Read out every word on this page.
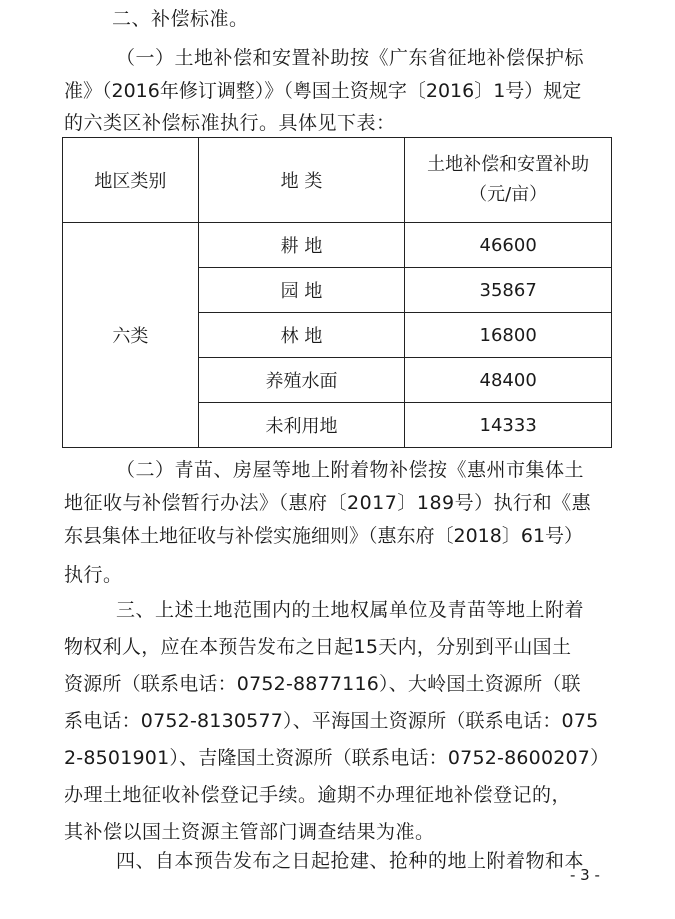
二、补偿标准。
（一）土地补偿和安置补助按《广东省征地补偿保护标
准》（2016年修订调整）》（粤国土资规字〔2016〕1号）规定
的六类区补偿标准执行。具体见下表：
地区类别	地 类	土地补偿和安置补助
（元/亩）

六类	耕 地	46600
	园 地	35867
	林 地	16800
	养殖水面	48400
	未利用地	14333
（二）青苗、房屋等地上附着物补偿按《惠州市集体土
地征收与补偿暂行办法》（惠府〔2017〕189号）执行和《惠
东县集体土地征收与补偿实施细则》（惠东府〔2018〕61号）
执行。
三、上述土地范围内的土地权属单位及青苗等地上附着
物权利人，应在本预告发布之日起15天内，分别到平山国土
资源所（联系电话：0752-8877116）、大岭国土资源所（联
系电话：0752-8130577）、平海国土资源所（联系电话：075
2-8501901）、吉隆国土资源所（联系电话：0752-8600207）
办理土地征收补偿登记手续。逾期不办理征地补偿登记的，
其补偿以国土资源主管部门调查结果为准。
四、自本预告发布之日起抢建、抢种的地上附着物和本
- 3 -
